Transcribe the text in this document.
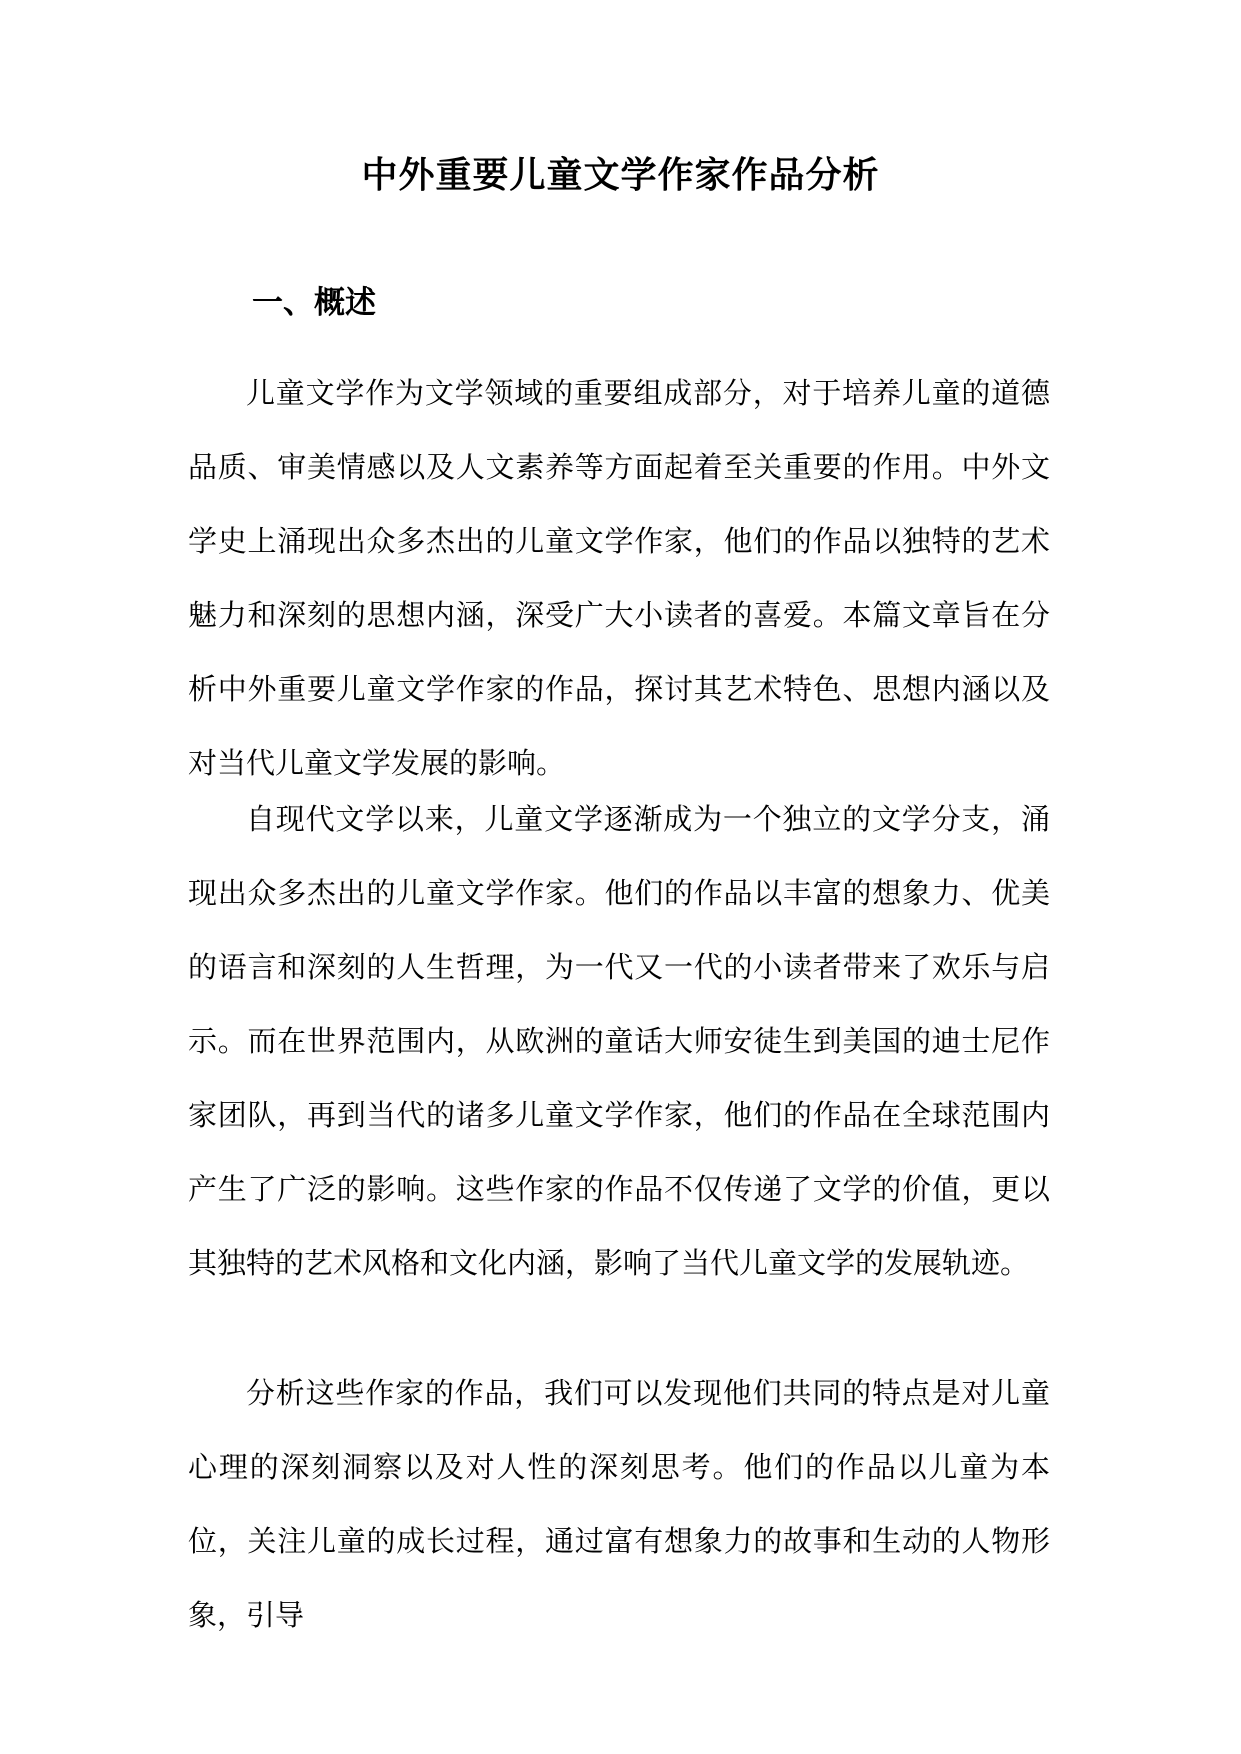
中外重要儿童文学作家作品分析
一、概述

儿童文学作为文学领域的重要组成部分，对于培养儿童的道德品质、审美情感以及人文素养等方面起着至关重要的作用。中外文学史上涌现出众多杰出的儿童文学作家，他们的作品以独特的艺术魅力和深刻的思想内涵，深受广大小读者的喜爱。本篇文章旨在分析中外重要儿童文学作家的作品，探讨其艺术特色、思想内涵以及对当代儿童文学发展的影响。

自现代文学以来，儿童文学逐渐成为一个独立的文学分支，涌现出众多杰出的儿童文学作家。他们的作品以丰富的想象力、优美的语言和深刻的人生哲理，为一代又一代的小读者带来了欢乐与启示。而在世界范围内，从欧洲的童话大师安徒生到美国的迪士尼作家团队，再到当代的诸多儿童文学作家，他们的作品在全球范围内产生了广泛的影响。这些作家的作品不仅传递了文学的价值，更以其独特的艺术风格和文化内涵，影响了当代儿童文学的发展轨迹。

分析这些作家的作品，我们可以发现他们共同的特点是对儿童心理的深刻洞察以及对人性的深刻思考。他们的作品以儿童为本位，关注儿童的成长过程，通过富有想象力的故事和生动的人物形象，引导
